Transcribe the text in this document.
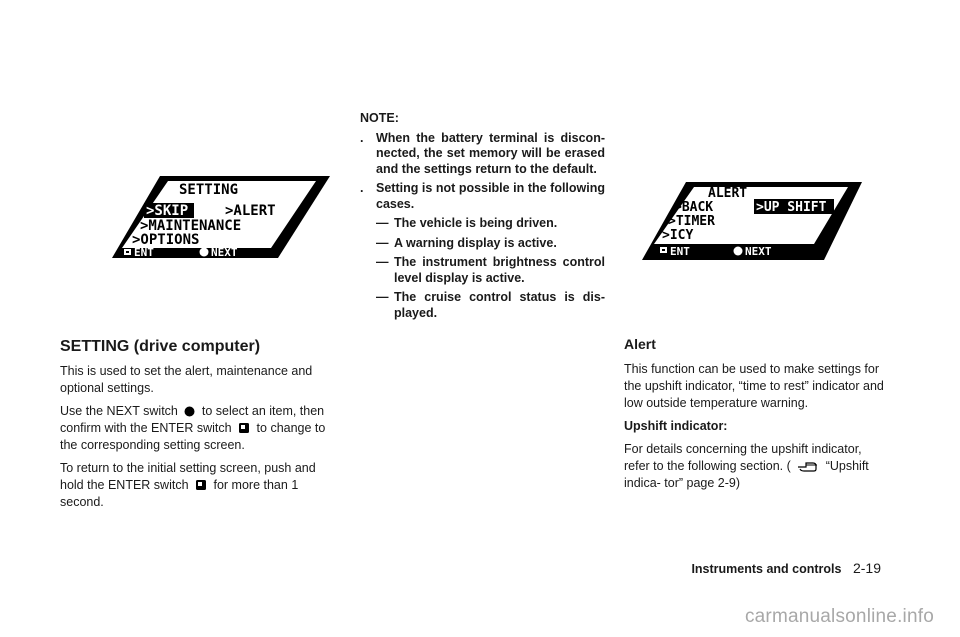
SETTING
>SKIP	>ALERT
>MAINTENANCE
>OPTIONS
ENT	NEXT
ALERT
>BACK	>UP SHIFT
>TIMER
>ICY
ENT	NEXT
NOTE:
.	When the battery terminal is discon- nected, the set memory will be erased and the settings return to the default.
.	Setting is not possible in the following cases.
— The vehicle is being driven.
— A warning display is active.
— The instrument brightness control level display is active.
— The cruise control status is dis- played.
SETTING (drive computer)

This is used to set the alert, maintenance and optional settings.

Use the NEXT switch to select an item, then confirm with the ENTER switch to change to the corresponding setting screen.

To return to the initial setting screen, push and hold the ENTER switch for more than 1 second.

Alert

This function can be used to make settings for the upshift indicator, “time to rest” indicator and low outside temperature warning.

Upshift indicator:

For details concerning the upshift indicator, refer to the following section. (	“Upshift indica- tor” page 2-9)

Instruments and controls 2-19
carmanualsonline.info
